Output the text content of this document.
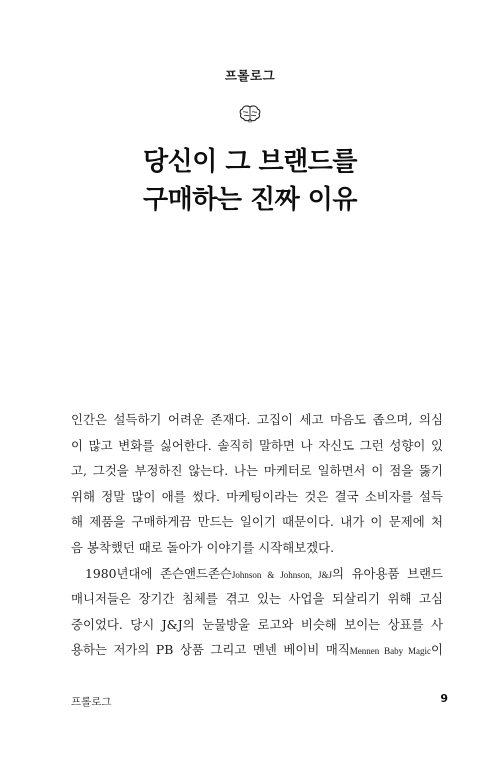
프롤로그
당신이 그 브랜드를
구매하는 진짜 이유
인간은 설득하기 어려운 존재다. 고집이 세고 마음도 좁으며, 의심
이 많고 변화를 싫어한다. 솔직히 말하면 나 자신도 그런 성향이 있
고, 그것을 부정하진 않는다. 나는 마케터로 일하면서 이 점을 뚫기
위해 정말 많이 애를 썼다. 마케팅이라는 것은 결국 소비자를 설득
해 제품을 구매하게끔 만드는 일이기 때문이다. 내가 이 문제에 처
음 봉착했던 때로 돌아가 이야기를 시작해보겠다.
1980년대에 존슨앤드존슨Johnson & Johnson, J&J의 유아용품 브랜드
매니저들은 장기간 침체를 겪고 있는 사업을 되살리기 위해 고심
중이었다. 당시 J&J의 눈물방울 로고와 비슷해 보이는 상표를 사
용하는 저가의 PB 상품 그리고 멘넨 베이비 매직Mennen Baby Magic이
프롤로그	9
